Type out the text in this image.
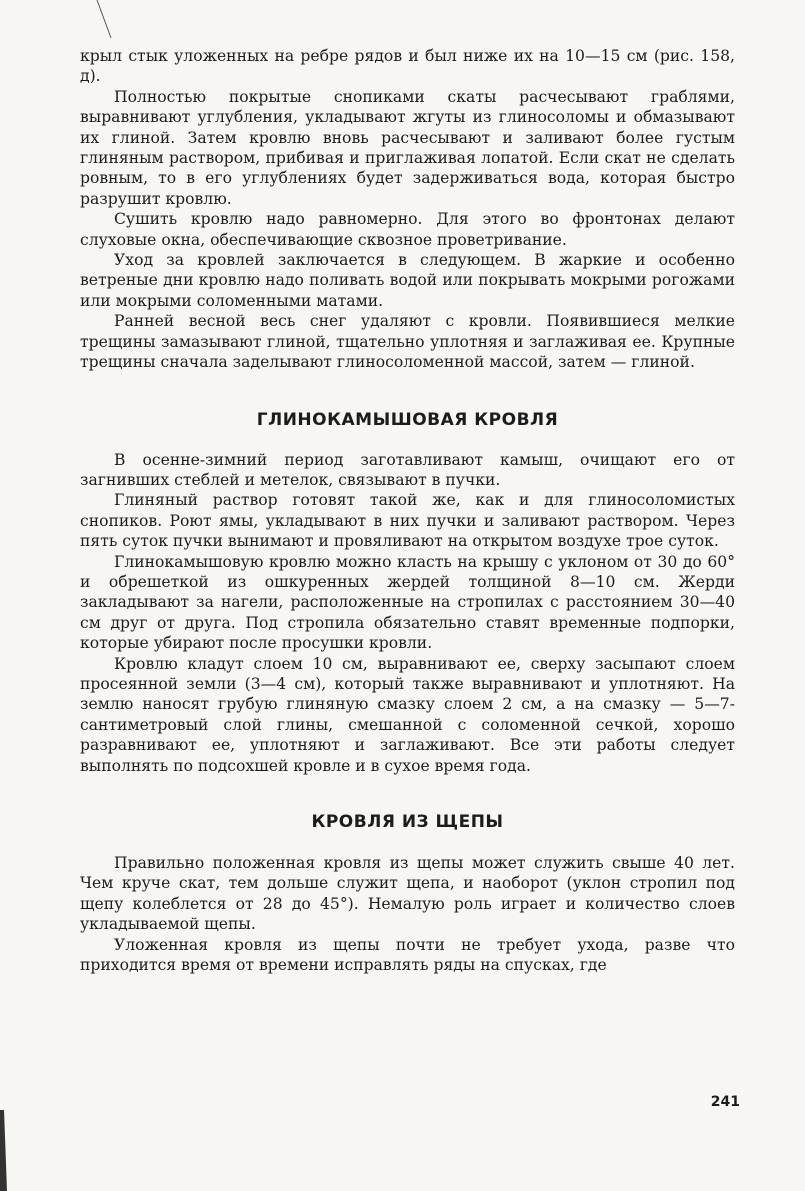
крыл стык уложенных на ребре рядов и был ниже их на 10—15 см (рис. 158, д).

Полностью покрытые снопиками скаты расчесывают граблями, выравнивают углубления, укладывают жгуты из глиносоломы и обмазывают их глиной. Затем кровлю вновь расчесывают и заливают более густым глиняным раствором, прибивая и приглаживая лопатой. Если скат не сделать ровным, то в его углублениях будет задерживаться вода, которая быстро разрушит кровлю.

Сушить кровлю надо равномерно. Для этого во фронтонах делают слуховые окна, обеспечивающие сквозное проветривание.

Уход за кровлей заключается в следующем. В жаркие и особенно ветреные дни кровлю надо поливать водой или покрывать мокрыми рогожами или мокрыми соломенными матами.

Ранней весной весь снег удаляют с кровли. Появившиеся мелкие трещины замазывают глиной, тщательно уплотняя и заглаживая ее. Крупные трещины сначала заделывают глиносоломенной массой, затем — глиной.

ГЛИНОКАМЫШОВАЯ КРОВЛЯ

В осенне-зимний период заготавливают камыш, очищают его от загнивших стеблей и метелок, связывают в пучки.

Глиняный раствор готовят такой же, как и для глиносоломистых снопиков. Роют ямы, укладывают в них пучки и заливают раствором. Через пять суток пучки вынимают и провяливают на открытом воздухе трое суток.

Глинокамышовую кровлю можно класть на крышу с уклоном от 30 до 60° и обрешеткой из ошкуренных жердей толщиной 8—10 см. Жерди закладывают за нагели, расположенные на стропилах с расстоянием 30—40 см друг от друга. Под стропила обязательно ставят временные подпорки, которые убирают после просушки кровли.

Кровлю кладут слоем 10 см, выравнивают ее, сверху засыпают слоем просеянной земли (3—4 см), который также выравнивают и уплотняют. На землю наносят грубую глиняную смазку слоем 2 см, а на смазку — 5—7-сантиметровый слой глины, смешанной с соломенной сечкой, хорошо разравнивают ее, уплотняют и заглаживают. Все эти работы следует выполнять по подсохшей кровле и в сухое время года.

КРОВЛЯ ИЗ ЩЕПЫ

Правильно положенная кровля из щепы может служить свыше 40 лет. Чем круче скат, тем дольше служит щепа, и наоборот (уклон стропил под щепу колеблется от 28 до 45°). Немалую роль играет и количество слоев укладываемой щепы.

Уложенная кровля из щепы почти не требует ухода, разве что приходится время от времени исправлять ряды на спусках, где

241
